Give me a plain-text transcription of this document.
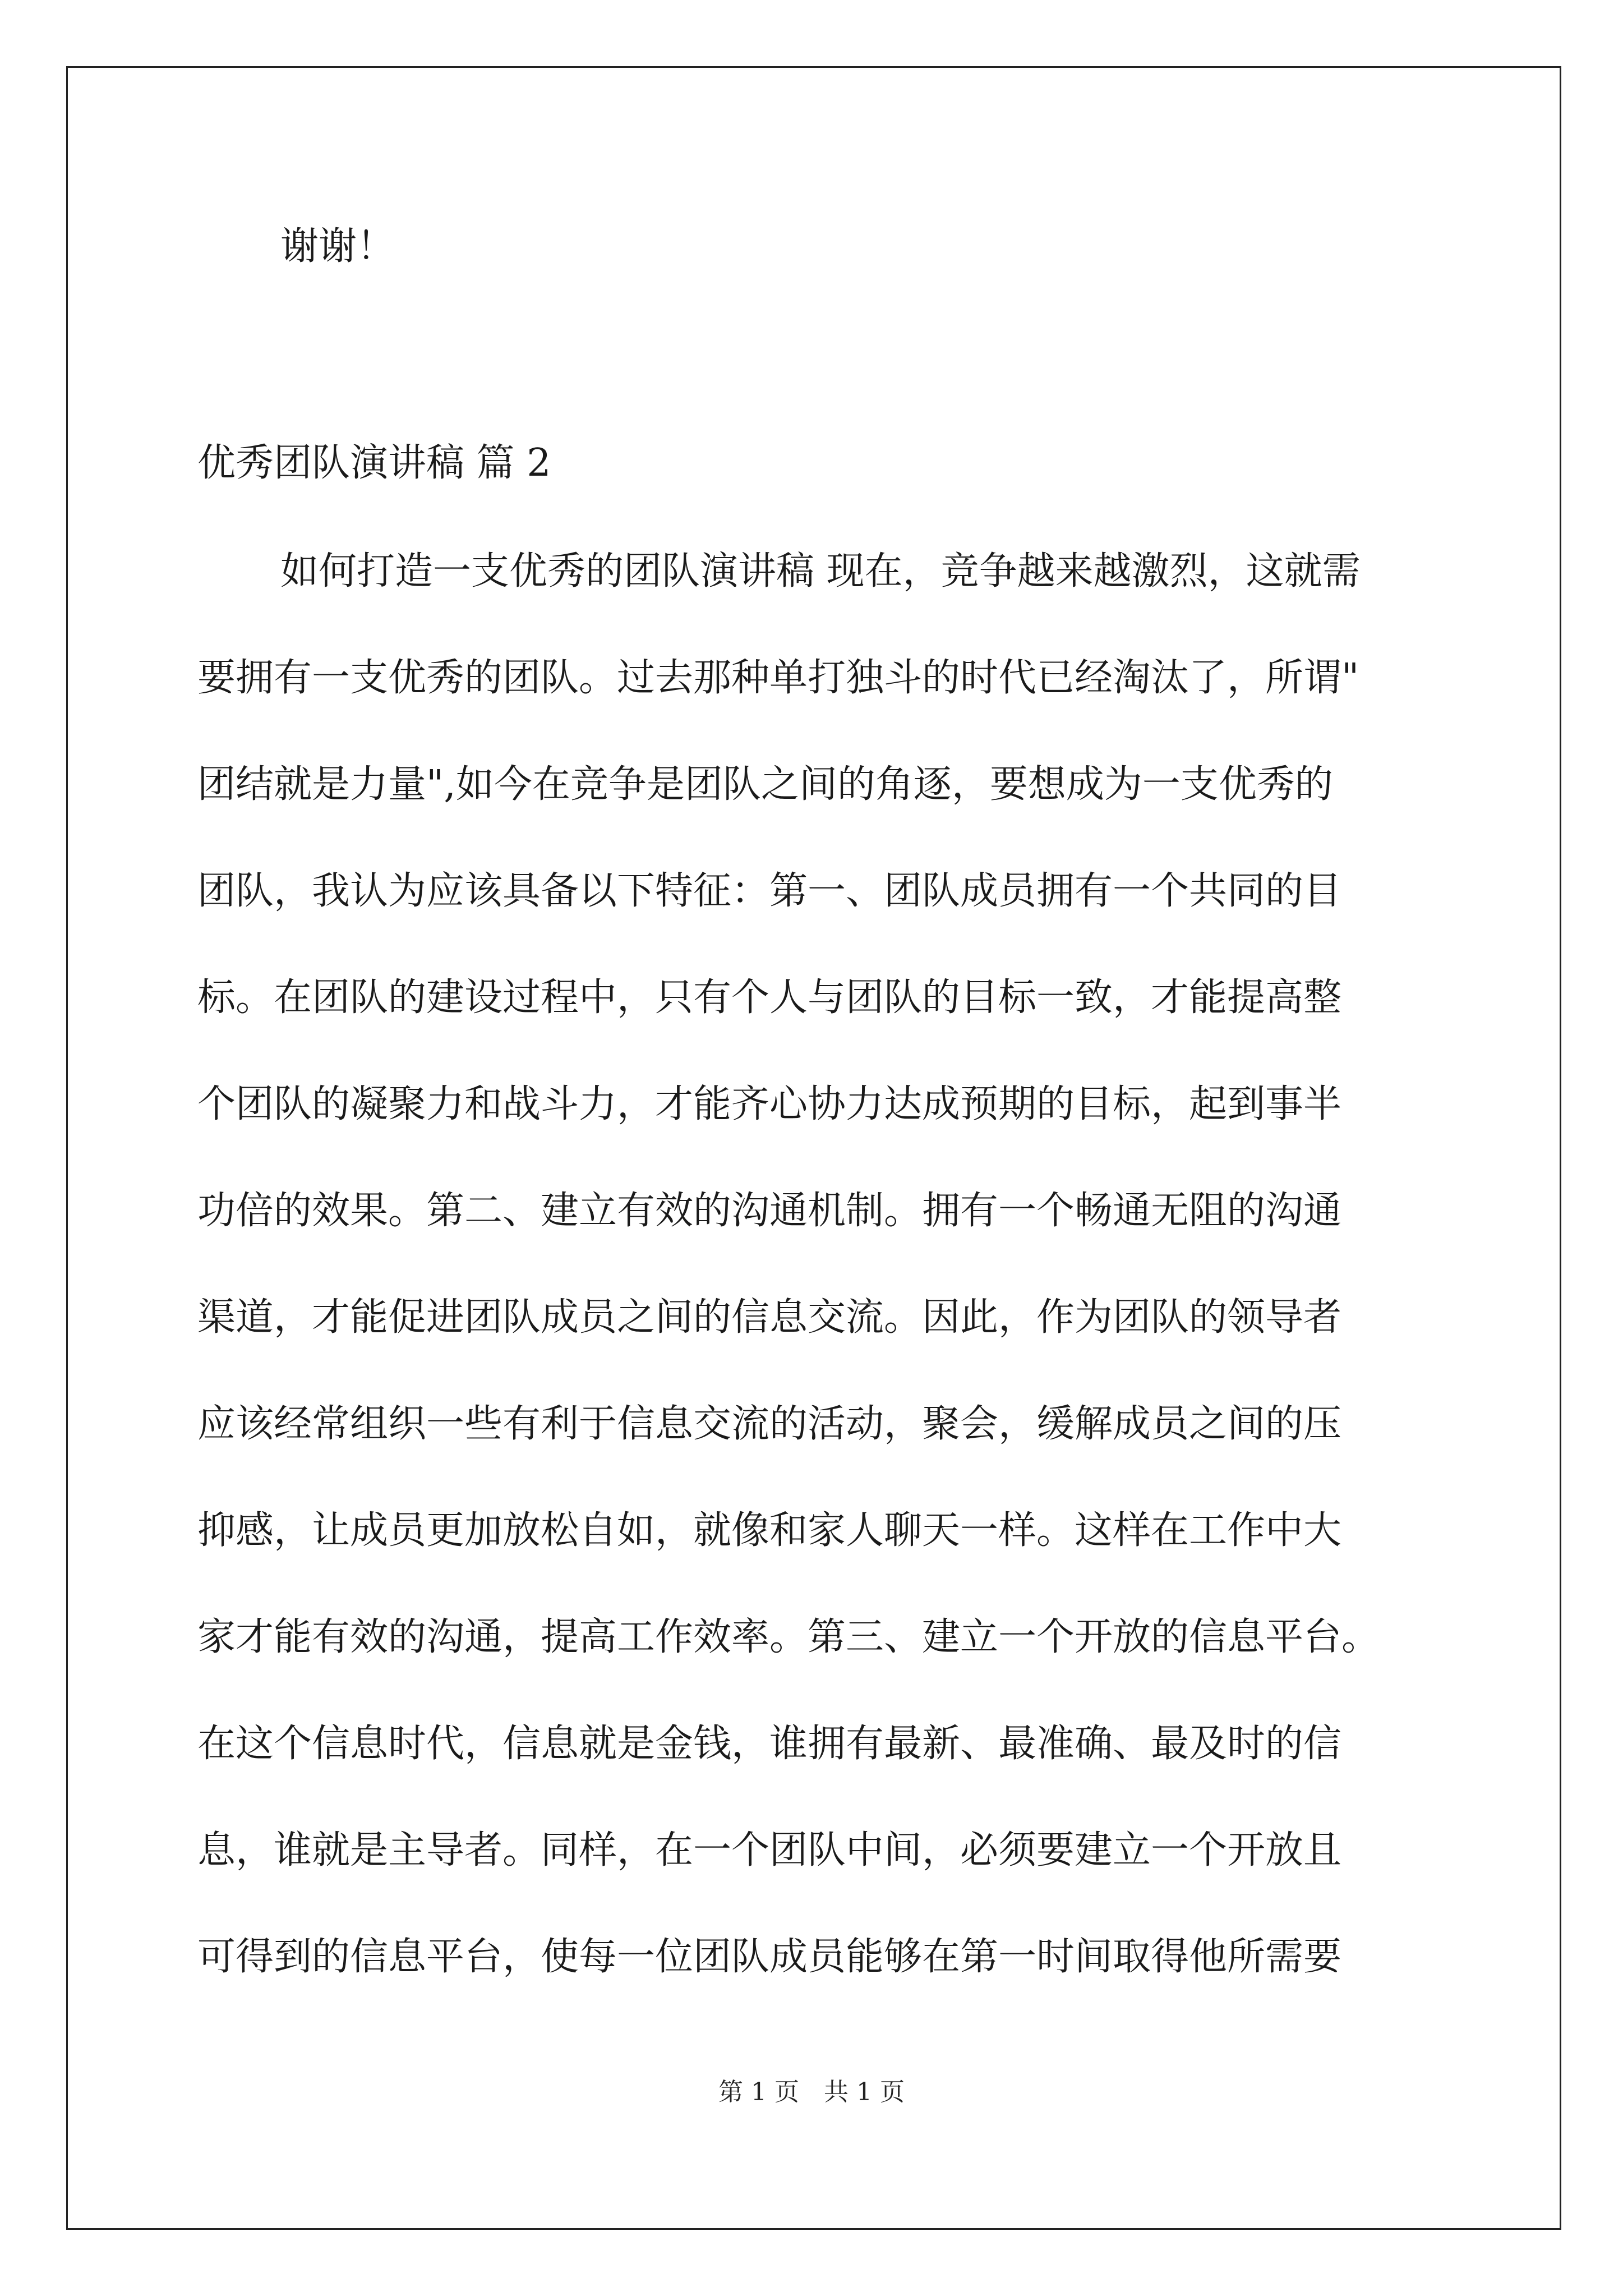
谢谢！
优秀团队演讲稿 篇 2
如何打造一支优秀的团队演讲稿 现在，竞争越来越激烈，这就需
要拥有一支优秀的团队。过去那种单打独斗的时代已经淘汰了，所谓"
团结就是力量",如今在竞争是团队之间的角逐，要想成为一支优秀的
团队，我认为应该具备以下特征：第一、团队成员拥有一个共同的目
标。在团队的建设过程中，只有个人与团队的目标一致，才能提高整
个团队的凝聚力和战斗力，才能齐心协力达成预期的目标，起到事半
功倍的效果。第二、建立有效的沟通机制。拥有一个畅通无阻的沟通
渠道，才能促进团队成员之间的信息交流。因此，作为团队的领导者
应该经常组织一些有利于信息交流的活动，聚会，缓解成员之间的压
抑感，让成员更加放松自如，就像和家人聊天一样。这样在工作中大
家才能有效的沟通，提高工作效率。第三、建立一个开放的信息平台。
在这个信息时代，信息就是金钱，谁拥有最新、最准确、最及时的信
息，谁就是主导者。同样，在一个团队中间，必须要建立一个开放且
可得到的信息平台，使每一位团队成员能够在第一时间取得他所需要
第 1 页　共 1 页
